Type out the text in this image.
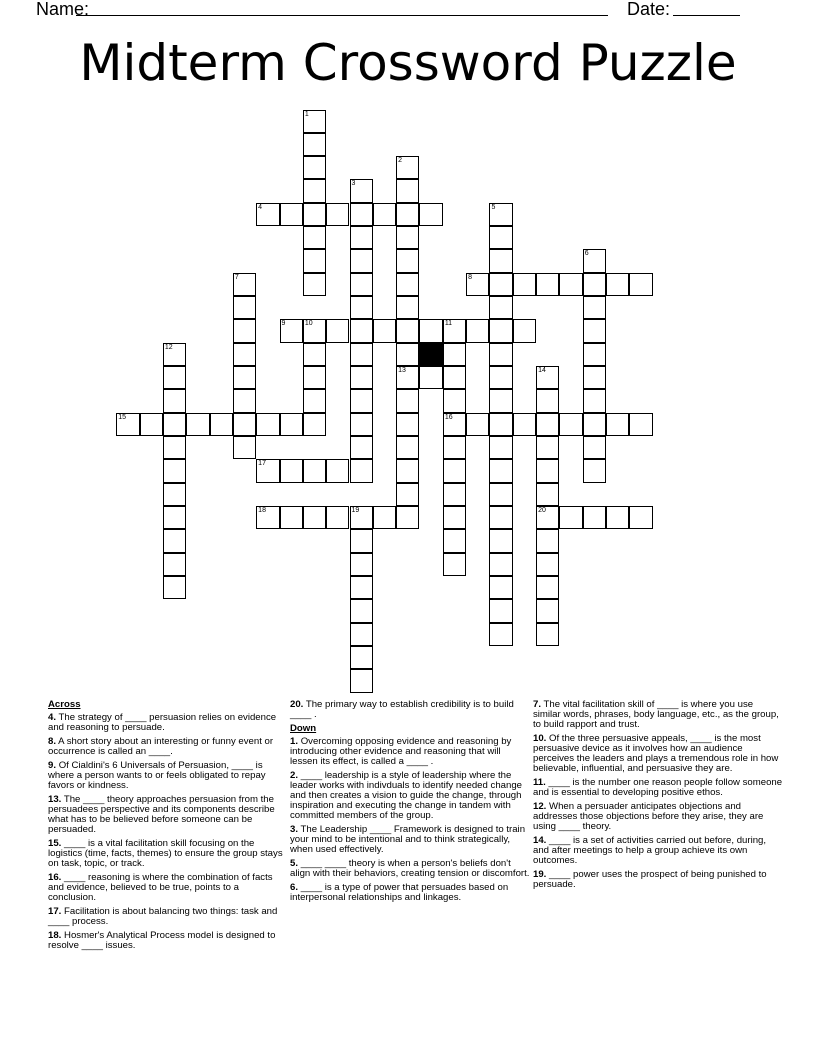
Name:	Date:
Midterm Crossword Puzzle
1
2
13
3
4	5
6
7	8
9	10	11
16
12
14
20
15
17
18	19
Across
4. The strategy of ____ persuasion relies on evidence and reasoning to persuade.
8. A short story about an interesting or funny event or occurrence is called an ____.
9. Of Cialdini's 6 Universals of Persuasion, ____ is where a person wants to or feels obligated to repay favors or kindness.
13. The ____ theory approaches persuasion from the persuadees perspective and its components describe what has to be believed before someone can be persuaded.
15. ____ is a vital facilitation skill focusing on the logistics (time, facts, themes) to ensure the group stays on task, topic, or track.
16. ____ reasoning is where the combination of facts and evidence, believed to be true, points to a conclusion.
17. Facilitation is about balancing two things: task and ____ process.
18. Hosmer's Analytical Process model is designed to resolve ____ issues.
20. The primary way to establish credibility is to build ____ .
Down
1. Overcoming opposing evidence and reasoning by introducing other evidence and reasoning that will lessen its effect, is called a ____ .
2. ____ leadership is a style of leadership where the leader works with indivduals to identify needed change and then creates a vision to guide the change, through inspiration and executing the change in tandem with committed members of the group.
3. The Leadership ____ Framework is designed to train your mind to be intentional and to think strategically, when used effectively.
5. ____ ____ theory is when a person's beliefs don't align with their behaviors, creating tension or discomfort.
6. ____ is a type of power that persuades based on interpersonal relationships and linkages.
7. The vital facilitation skill of ____ is where you use similar words, phrases, body language, etc., as the group, to build rapport and trust.
10. Of the three persuasive appeals, ____ is the most persuasive device as it involves how an audience perceives the leaders and plays a tremendous role in how believable, influential, and persuasive they are.
11. ____ is the number one reason people follow someone and is essential to developing positive ethos.
12. When a persuader anticipates objections and addresses those objections before they arise, they are using ____ theory.
14. ____ is a set of activities carried out before, during, and after meetings to help a group achieve its own outcomes.
19. ____ power uses the prospect of being punished to persuade.
